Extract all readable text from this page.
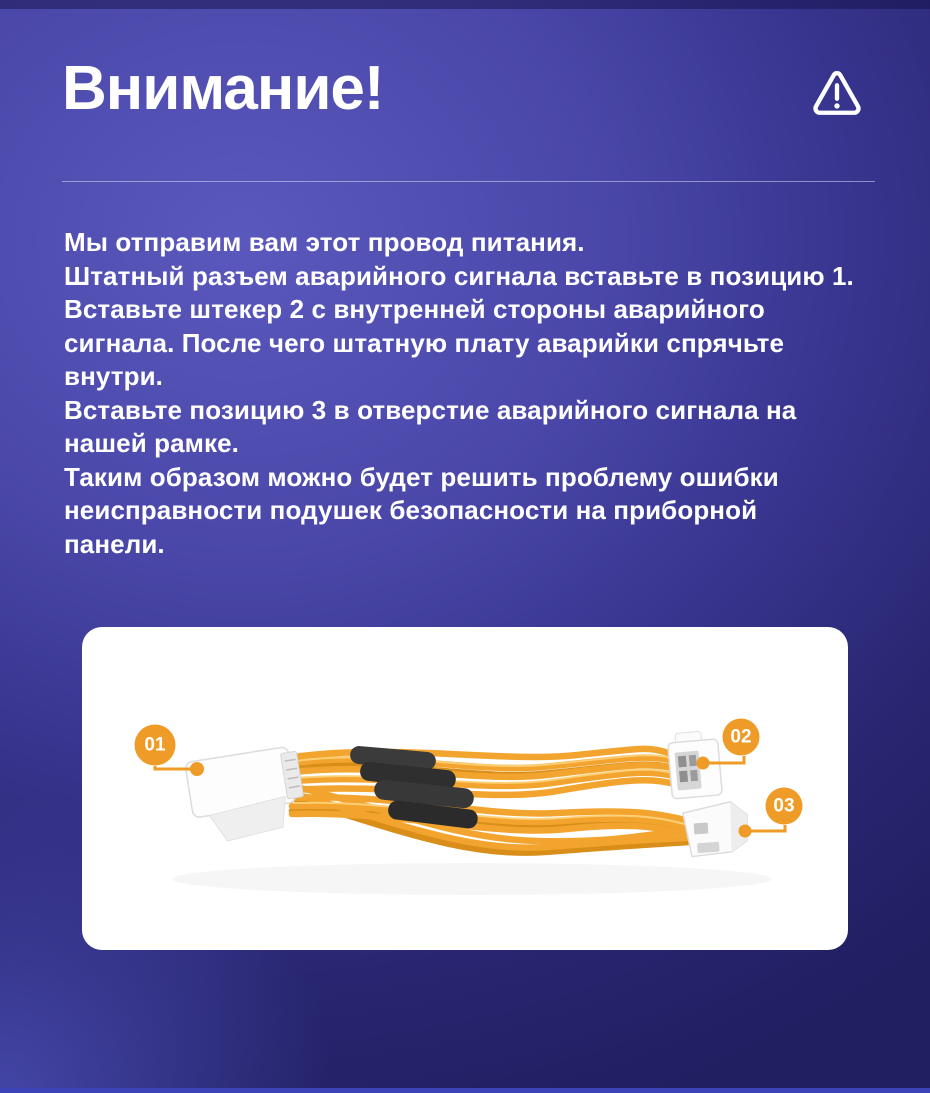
Внимание!
Мы отправим вам этот провод питания.
Штатный разъем аварийного сигнала вставьте в позицию 1.
Вставьте штекер 2 с внутренней стороны аварийного
сигнала. После чего штатную плату аварийки спрячьте
внутри.
Вставьте позицию 3 в отверстие аварийного сигнала на
нашей рамке.
Таким образом можно будет решить проблему ошибки
неисправности подушек безопасности на приборной
панели.
01	02
03
